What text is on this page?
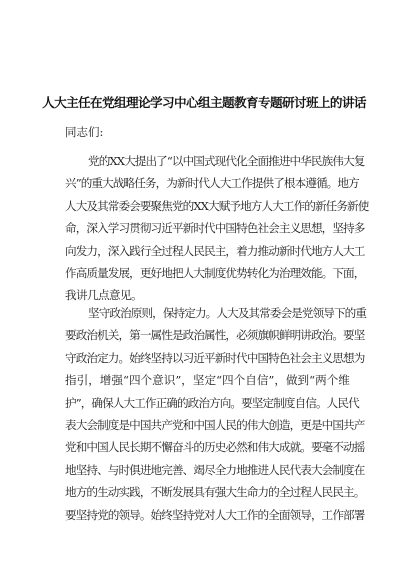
人大主任在党组理论学习中心组主题教育专题研讨班上的讲话
同志们:
党的XX大提出了“以中国式现代化全面推进中华民族伟大复
兴”的重大战略任务，为新时代人大工作提供了根本遵循。地方
人大及其常委会要聚焦党的XX大赋予地方人大工作的新任务新使
命，深入学习贯彻习近平新时代中国特色社会主义思想，坚持多
向发力，深入践行全过程人民民主，着力推动新时代地方人大工
作高质量发展，更好地把人大制度优势转化为治理效能。下面，
我讲几点意见。
坚守政治原则，保持定力。人大及其常委会是党领导下的重
要政治机关，第一属性是政治属性，必须旗帜鲜明讲政治。要坚
守政治定力。始终坚持以习近平新时代中国特色社会主义思想为
指引，增强“四个意识”，坚定“四个自信”，做到“两个维
护”，确保人大工作正确的政治方向。要坚定制度自信。人民代
表大会制度是中国共产党和中国人民的伟大创造，更是中国共产
党和中国人民长期不懈奋斗的历史必然和伟大成就。要毫不动摇
地坚持、与时俱进地完善、竭尽全力地推进人民代表大会制度在
地方的生动实践，不断发展具有强大生命力的全过程人民民主。
要坚持党的领导。始终坚持党对人大工作的全面领导，工作部署
